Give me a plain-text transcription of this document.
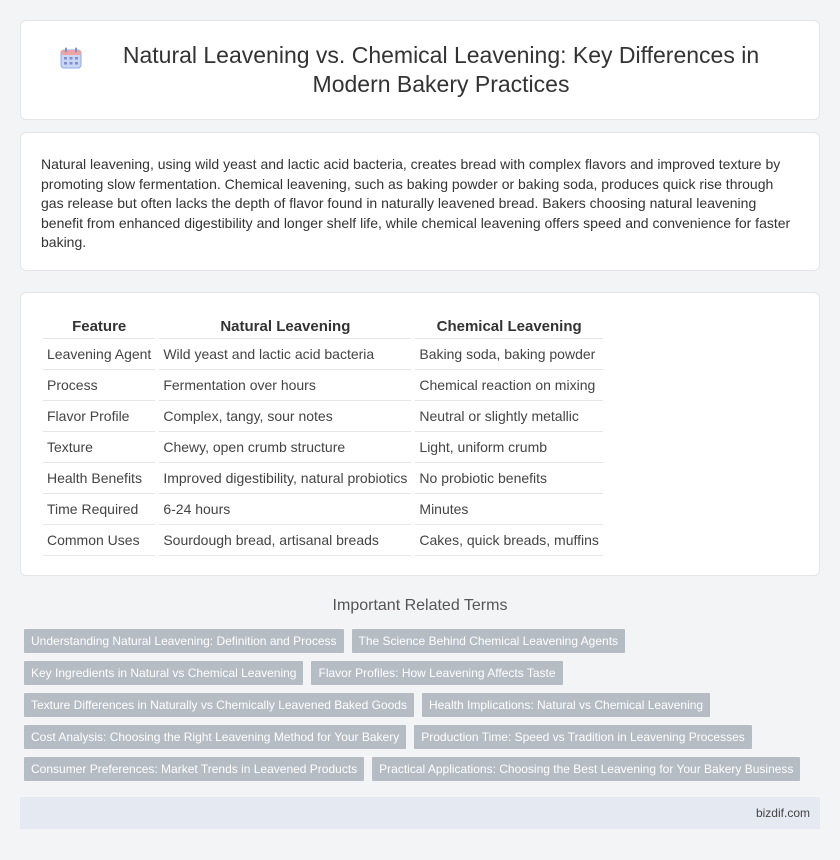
Natural Leavening vs. Chemical Leavening: Key Differences in Modern Bakery Practices

Natural leavening, using wild yeast and lactic acid bacteria, creates bread with complex flavors and improved texture by promoting slow fermentation. Chemical leavening, such as baking powder or baking soda, produces quick rise through gas release but often lacks the depth of flavor found in naturally leavened bread. Bakers choosing natural leavening benefit from enhanced digestibility and longer shelf life, while chemical leavening offers speed and convenience for faster baking.

Feature	Natural Leavening	Chemical Leavening
Leavening Agent	Wild yeast and lactic acid bacteria	Baking soda, baking powder
Process	Fermentation over hours	Chemical reaction on mixing
Flavor Profile	Complex, tangy, sour notes	Neutral or slightly metallic
Texture	Chewy, open crumb structure	Light, uniform crumb
Health Benefits	Improved digestibility, natural probiotics	No probiotic benefits
Time Required	6-24 hours	Minutes
Common Uses	Sourdough bread, artisanal breads	Cakes, quick breads, muffins
Important Related Terms
Understanding Natural Leavening: Definition and Process	The Science Behind Chemical Leavening Agents
Key Ingredients in Natural vs Chemical Leavening	Flavor Profiles: How Leavening Affects Taste
Texture Differences in Naturally vs Chemically Leavened Baked Goods	Health Implications: Natural vs Chemical Leavening
Cost Analysis: Choosing the Right Leavening Method for Your Bakery	Production Time: Speed vs Tradition in Leavening Processes
Consumer Preferences: Market Trends in Leavened Products	Practical Applications: Choosing the Best Leavening for Your Bakery Business
bizdif.com
